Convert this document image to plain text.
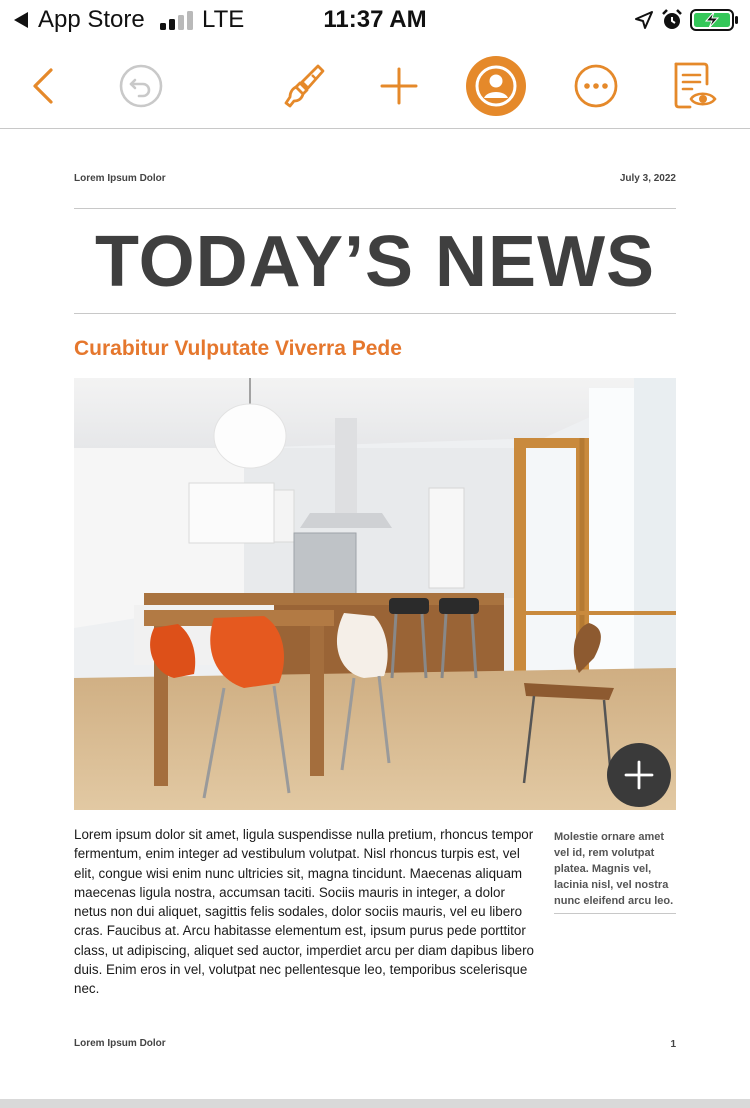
App Store LTE	11:37 AM
Lorem Ipsum Dolor	July 3, 2022
TODAY’S NEWS
Curabitur Vulputate Viverra Pede
Lorem ipsum dolor sit amet, ligula suspendisse nulla pretium, rhoncus tempor fermentum, enim integer ad vestibulum volutpat. Nisl rhoncus turpis est, vel elit, congue wisi enim nunc ultricies sit, magna tincidunt. Maecenas aliquam maecenas ligula nostra, accumsan taciti. Sociis mauris in integer, a dolor netus non dui aliquet, sagittis felis sodales, dolor sociis mauris, vel eu libero cras. Faucibus at. Arcu habitasse elementum est, ipsum purus pede porttitor class, ut adipiscing, aliquet sed auctor, imperdiet arcu per diam dapibus libero duis. Enim eros in vel, volutpat nec pellentesque leo, temporibus scelerisque nec.
Molestie ornare amet vel id, rem volutpat platea. Magnis vel, lacinia nisl, vel nostra nunc eleifend arcu leo.
Lorem Ipsum Dolor	1
